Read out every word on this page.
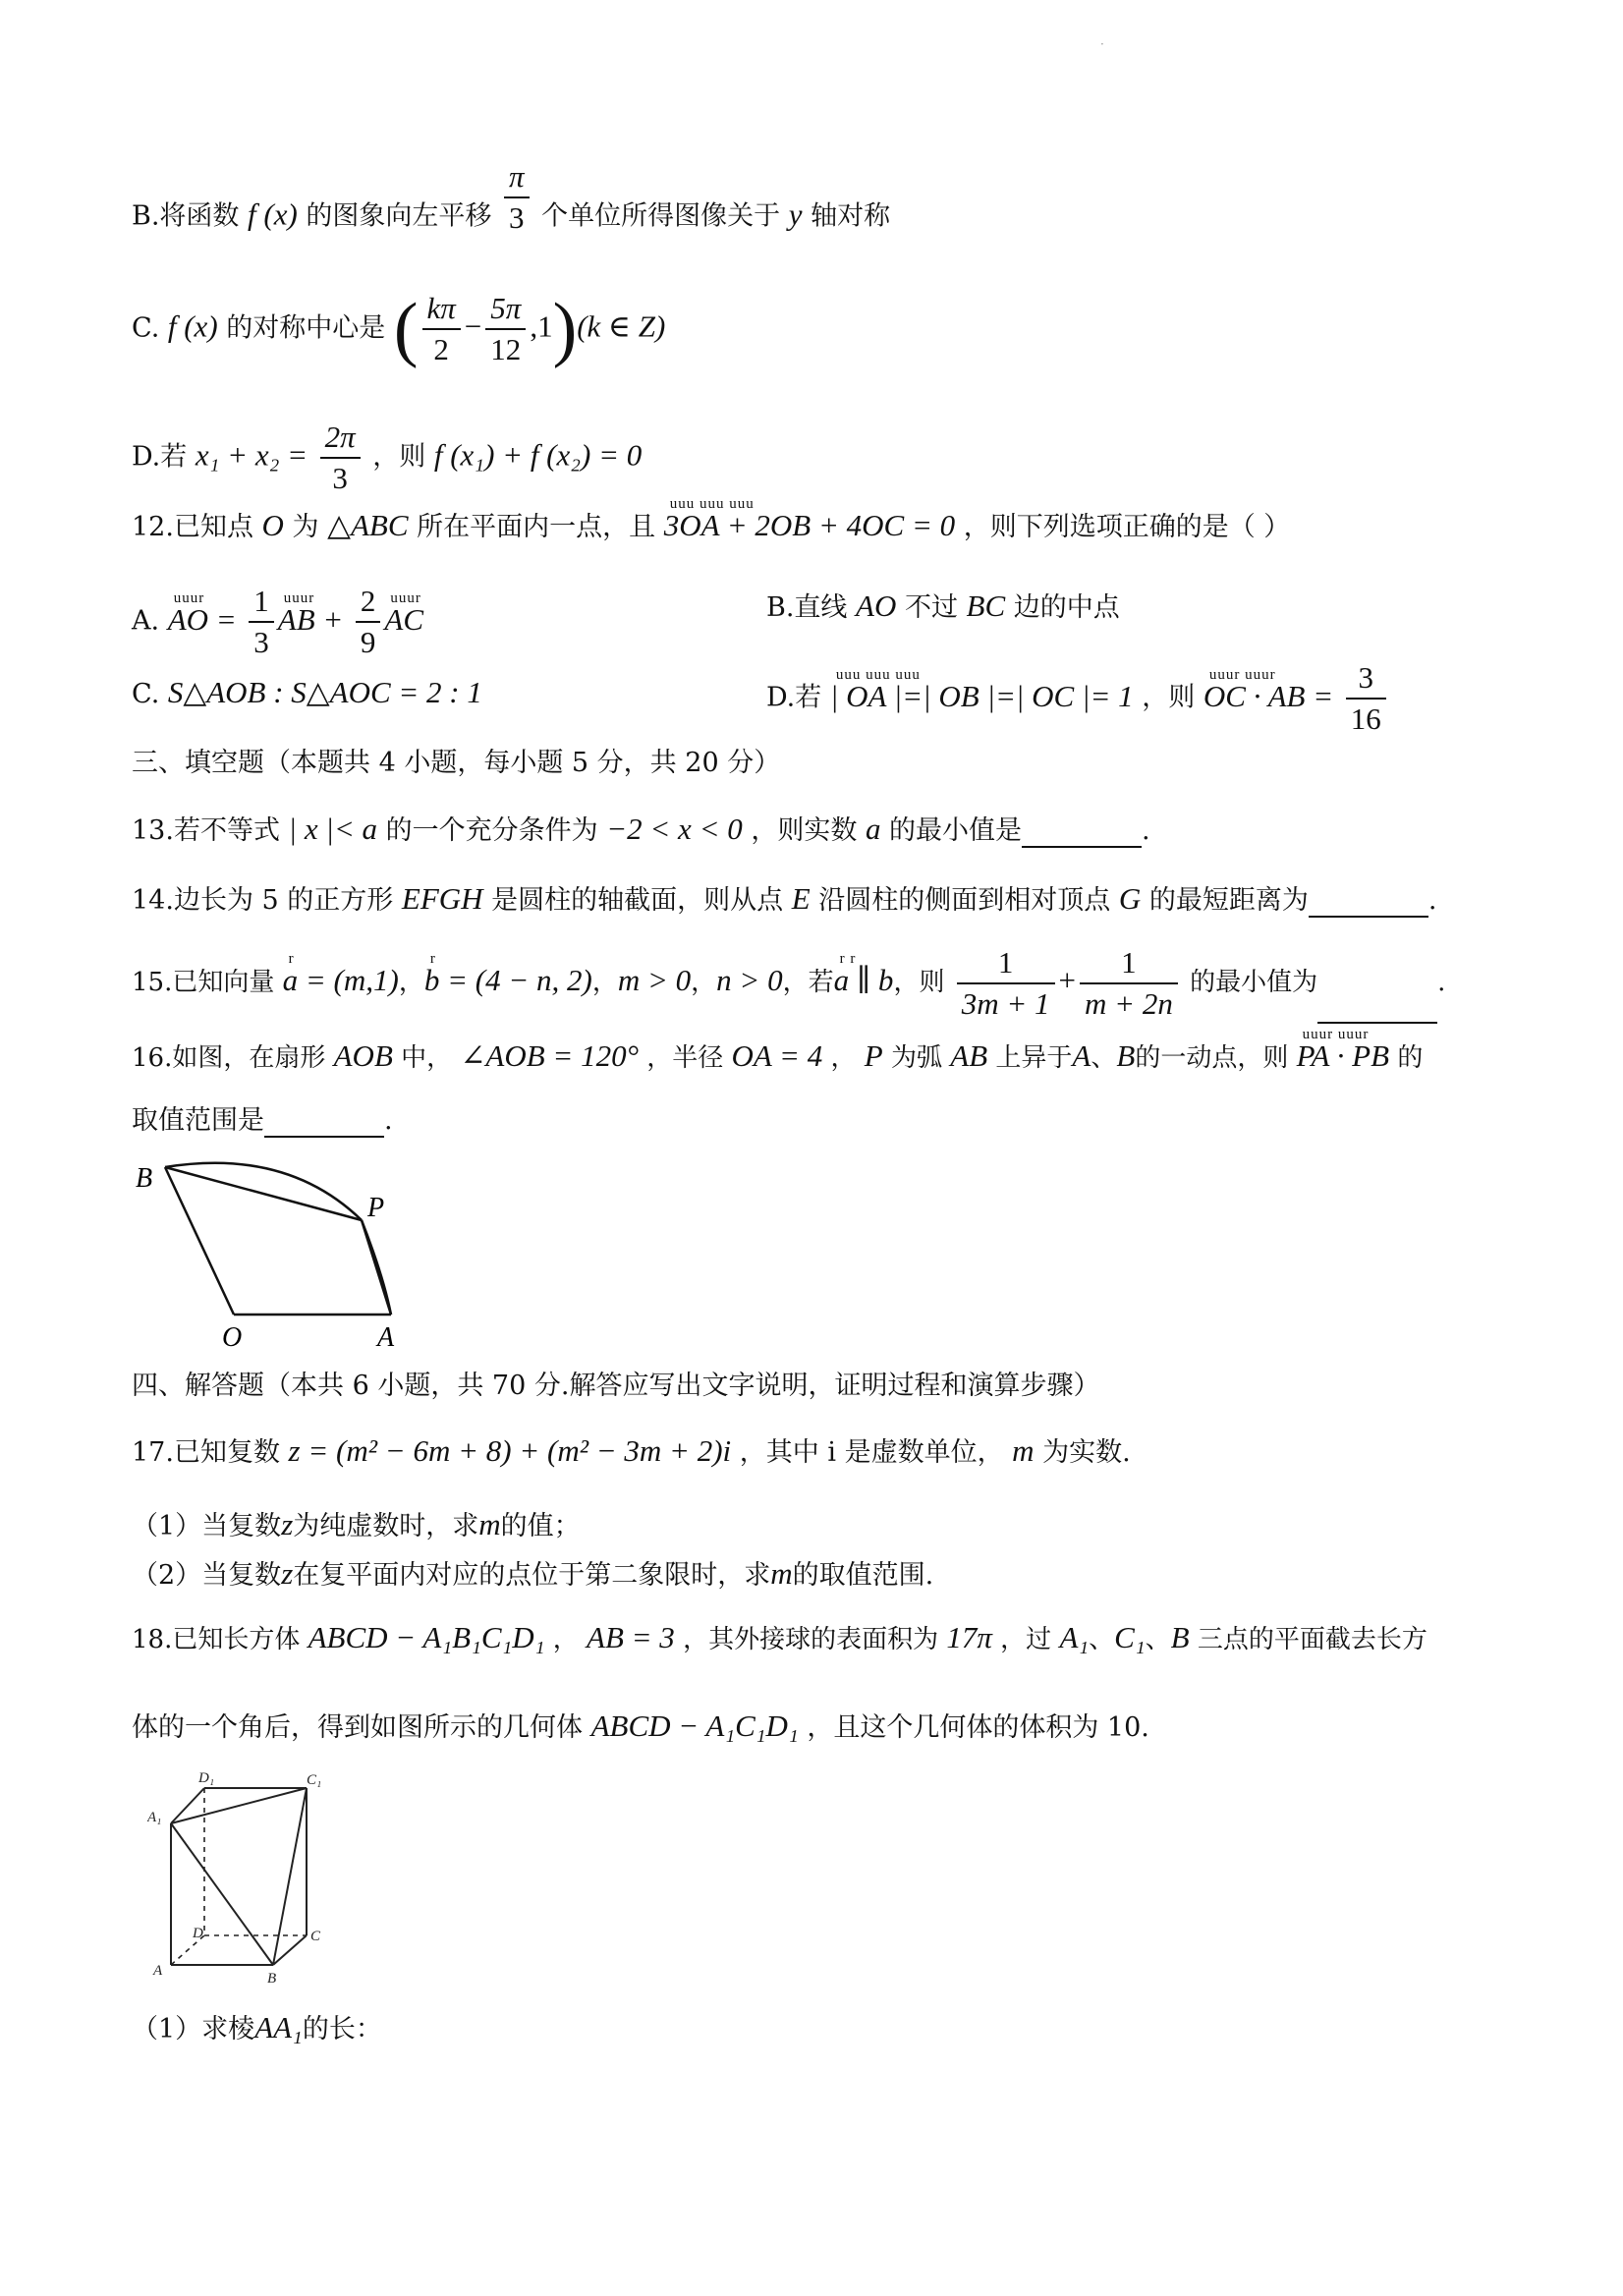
·
B.将函数 f (x) 的图象向左平移 $\frac{\pi}{3}$ 个单位所得图像关于 y 轴对称
C. f (x) 的对称中心是 ( $\frac{k\pi}{2} - \frac{5\pi}{12} ,1)(k$ ∈ Z)
D.若 $x_1 + x_2 = \frac{2\pi}{3}$ ，则 f (x₁) + f (x₂) = 0
12.已知点 O 为 △ABC 所在平面内一点，且 uuu uuu uuu 3OA + 2OB + 4OC = 0 ，则下列选项正确的是（ ）
A. uuur AO = $\frac{1}{3}$ uuur AB + $\frac{2}{9}$ uuur AC	B.直线 AO 不过 BC 边的中点
C. S△AOB : S△AOC = 2 : 1	D.若 uuu uuu uuu | OA |=| OB |=| OC |= 1 ，则 uuur uuur OC · AB = $\frac{3}{16}$
三、填空题（本题共 4 小题，每小题 5 分，共 20 分）
13.若不等式 | x |< a 的一个充分条件为 −2 < x < 0 ，则实数 a 的最小值是	.
14.边长为 5 的正方形 EFGH 是圆柱的轴截面，则从点 E 沿圆柱的侧面到相对顶点 G 的最短距离为	.
15.已知向量 r a = (m,1)，r b = (4 − n, 2)，m > 0，n > 0，若r r a ∥ b，则 $\frac{1}{3m + 1} + \frac{1}{m + 2n}$ 的最小值为	.
16.如图，在扇形 AOB 中， ∠AOB = 120° ，半径 OA = 4 ， P 为弧 AB 上异于A、B的一动点，则 uuur uuur PA · PB 的
取值范围是	.
B
P
O	A
四、解答题（本共 6 小题，共 70 分.解答应写出文字说明，证明过程和演算步骤）
17.已知复数 z = (m² − 6m + 8) + (m² − 3m + 2)i ，其中 i 是虚数单位， m 为实数.
（1）当复数z为纯虚数时，求m的值；
（2）当复数z在复平面内对应的点位于第二象限时，求m的取值范围.
18.已知长方体 ABCD − A₁B₁C₁D₁ ， AB = 3 ，其外接球的表面积为 17π ，过 A₁、C₁、B 三点的平面截去长方
体的一个角后，得到如图所示的几何体 ABCD − A₁C₁D₁ ，且这个几何体的体积为 10.
D₁	C₁
A₁
D	C
A	B
（1）求棱AA₁的长：
